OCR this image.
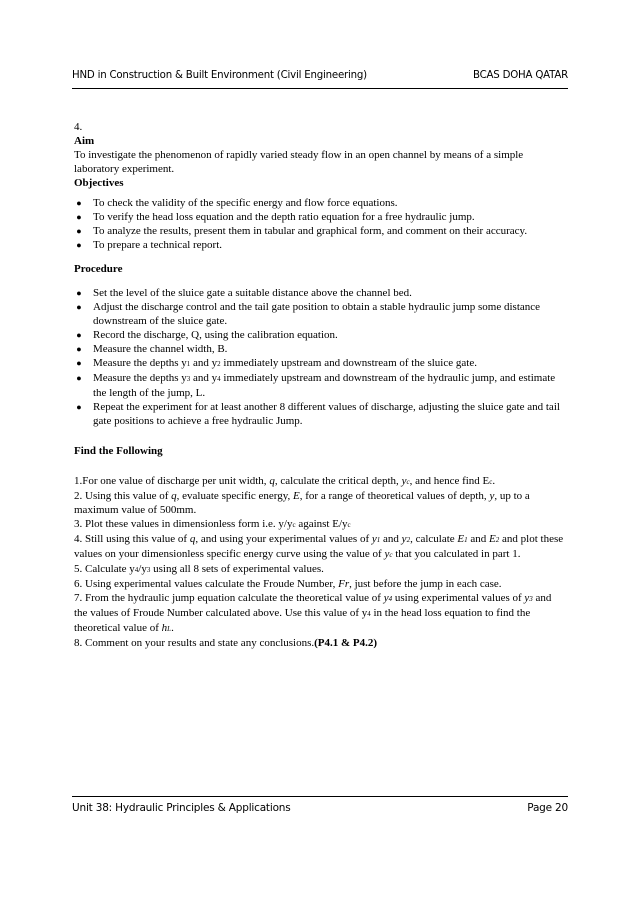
HND in Construction & Built Environment (Civil Engineering)	BCAS DOHA QATAR

4.

Aim

To investigate the phenomenon of rapidly varied steady flow in an open channel by means of a simple laboratory experiment.

Objectives

● To check the validity of the specific energy and flow force equations.
● To verify the head loss equation and the depth ratio equation for a free hydraulic jump.
● To analyze the results, present them in tabular and graphical form, and comment on their accuracy.
● To prepare a technical report.

Procedure

● Set the level of the sluice gate a suitable distance above the channel bed.
● Adjust the discharge control and the tail gate position to obtain a stable hydraulic jump some distance downstream of the sluice gate.
● Record the discharge, Q, using the calibration equation.
● Measure the channel width, B.
● Measure the depths y1 and y2 immediately upstream and downstream of the sluice gate.
● Measure the depths y3 and y4 immediately upstream and downstream of the hydraulic jump, and estimate the length of the jump, L.
● Repeat the experiment for at least another 8 different values of discharge, adjusting the sluice gate and tail gate positions to achieve a free hydraulic Jump.

Find the Following

1.For one value of discharge per unit width, q, calculate the critical depth, yc, and hence find Ec.

2. Using this value of q, evaluate specific energy, E, for a range of theoretical values of depth, y, up to a maximum value of 500mm.

3. Plot these values in dimensionless form i.e. y/yc against E/yc

4. Still using this value of q, and using your experimental values of y1 and y2, calculate E1 and E2 and plot these values on your dimensionless specific energy curve using the value of yc that you calculated in part 1.

5. Calculate y4/y3 using all 8 sets of experimental values.

6. Using experimental values calculate the Froude Number, Fr, just before the jump in each case.

7. From the hydraulic jump equation calculate the theoretical value of y4 using experimental values of y3 and the values of Froude Number calculated above. Use this value of y4 in the head loss equation to find the theoretical value of hL.

8. Comment on your results and state any conclusions.(P4.1 & P4.2)

Unit 38: Hydraulic Principles & Applications	Page 20
